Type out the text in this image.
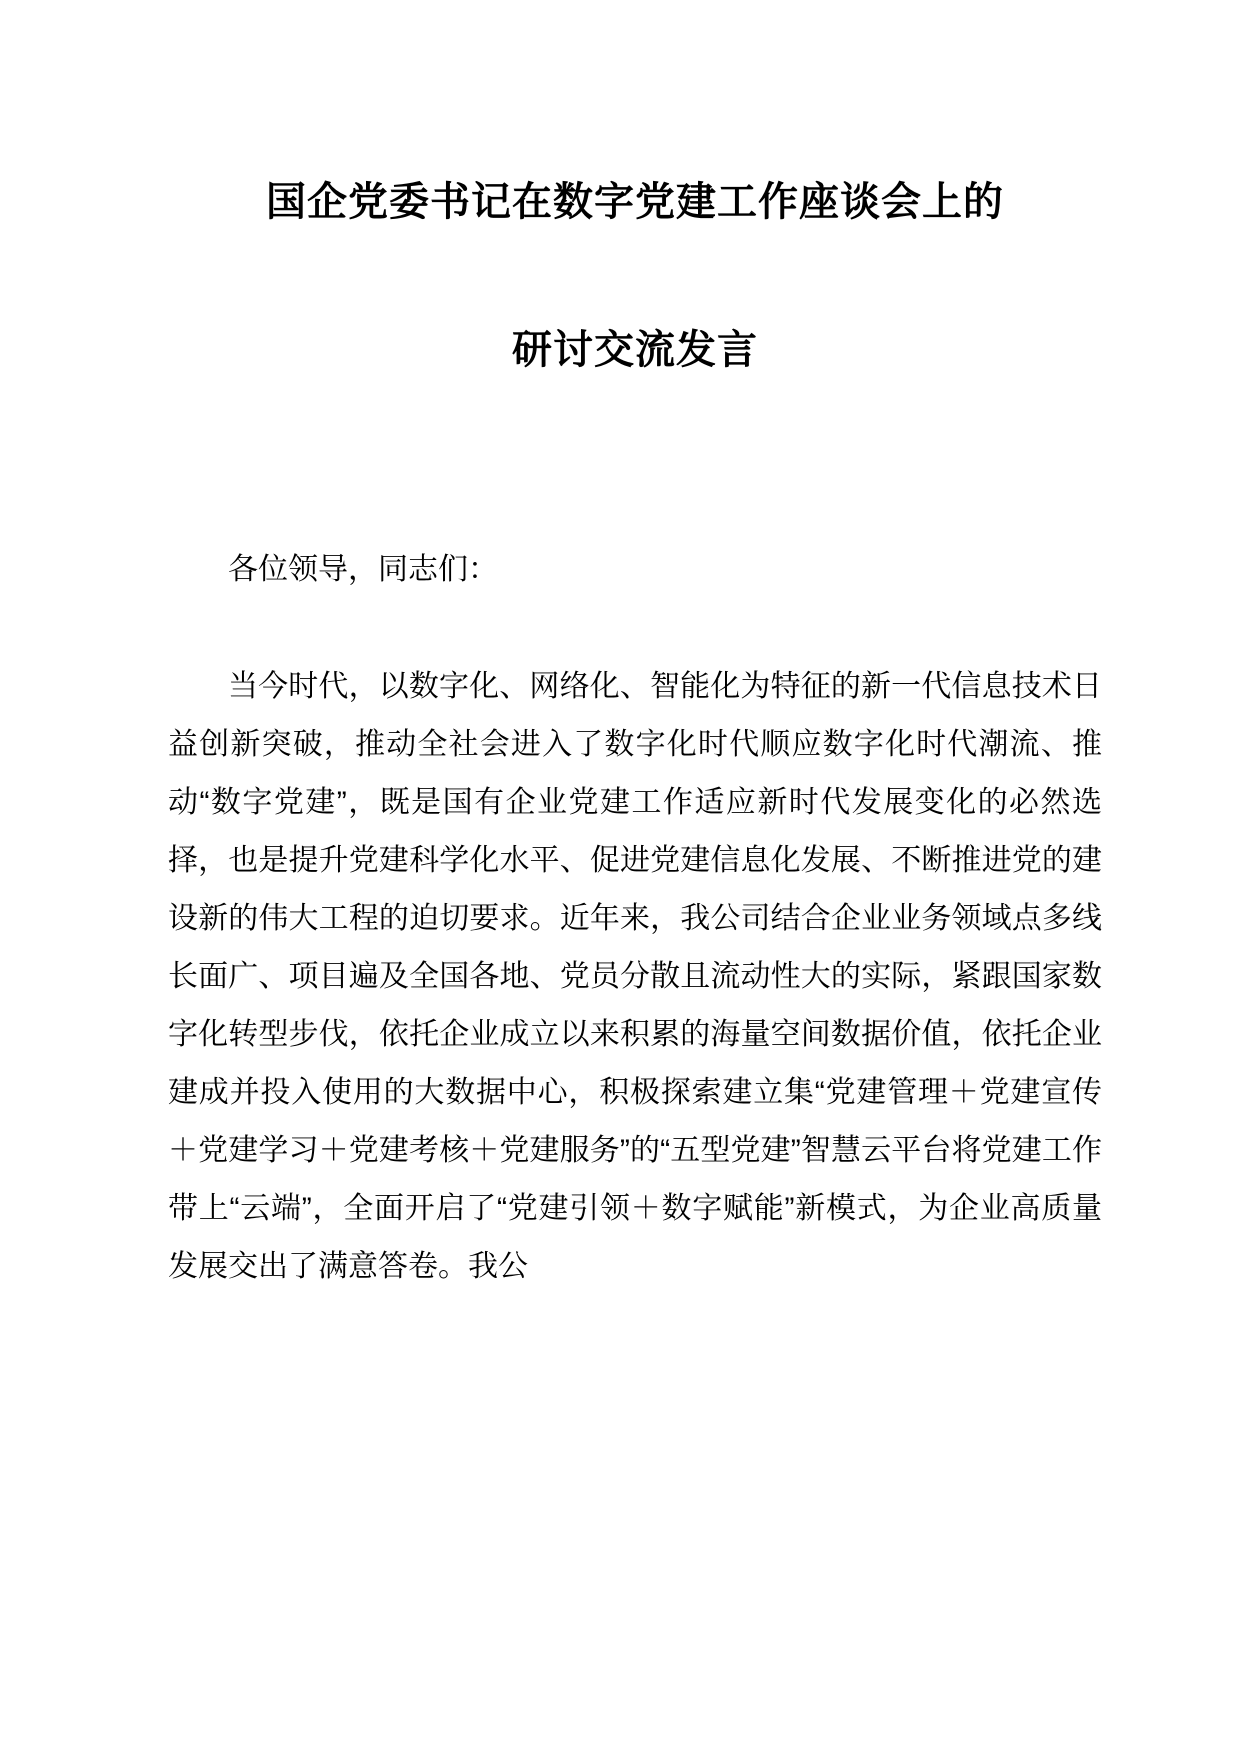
国企党委书记在数字党建工作座谈会上的
研讨交流发言

各位领导，同志们：

当今时代，以数字化、网络化、智能化为特征的新一代信息技术日益创新突破，推动全社会进入了数字化时代顺应数字化时代潮流、推动“数字党建”，既是国有企业党建工作适应新时代发展变化的必然选择，也是提升党建科学化水平、促进党建信息化发展、不断推进党的建设新的伟大工程的迫切要求。近年来，我公司结合企业业务领域点多线长面广、项目遍及全国各地、党员分散且流动性大的实际，紧跟国家数字化转型步伐，依托企业成立以来积累的海量空间数据价值，依托企业建成并投入使用的大数据中心，积极探索建立集“党建管理＋党建宣传＋党建学习＋党建考核＋党建服务”的“五型党建”智慧云平台将党建工作带上“云端”，全面开启了“党建引领＋数字赋能”新模式，为企业高质量发展交出了满意答卷。我公
